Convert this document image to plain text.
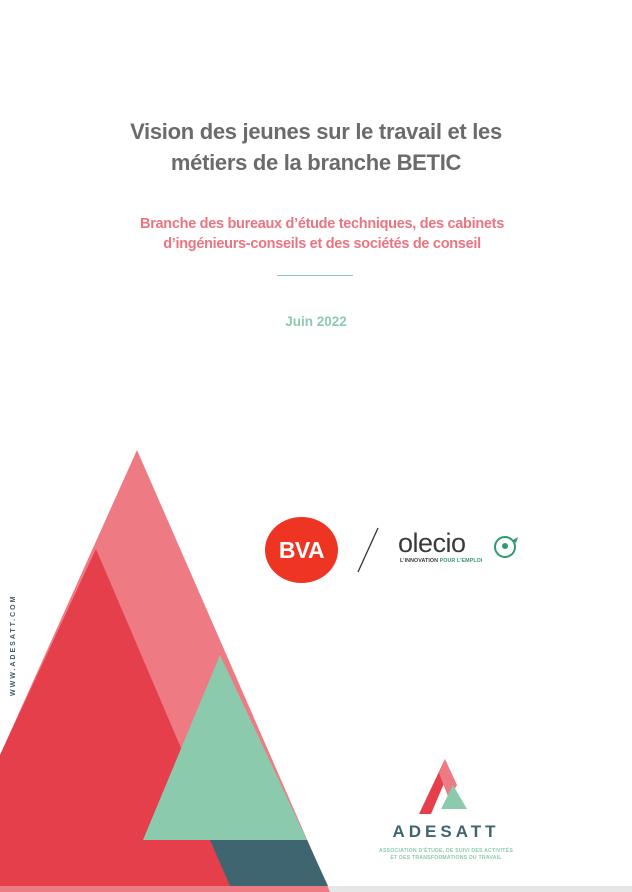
Vision des jeunes sur le travail et les
métiers de la branche BETIC
Branche des bureaux d’étude techniques, des cabinets
d’ingénieurs-conseils et des sociétés de conseil
Juin 2022
WWW.ADESATT.COM
BVA	olecio
L’INNOVATION POUR L’EMPLOI
ADESATT
ASSOCIATION D’ÉTUDE, DE SUIVI DES ACTIVITÉS
ET DES TRANSFORMATIONS DU TRAVAIL
